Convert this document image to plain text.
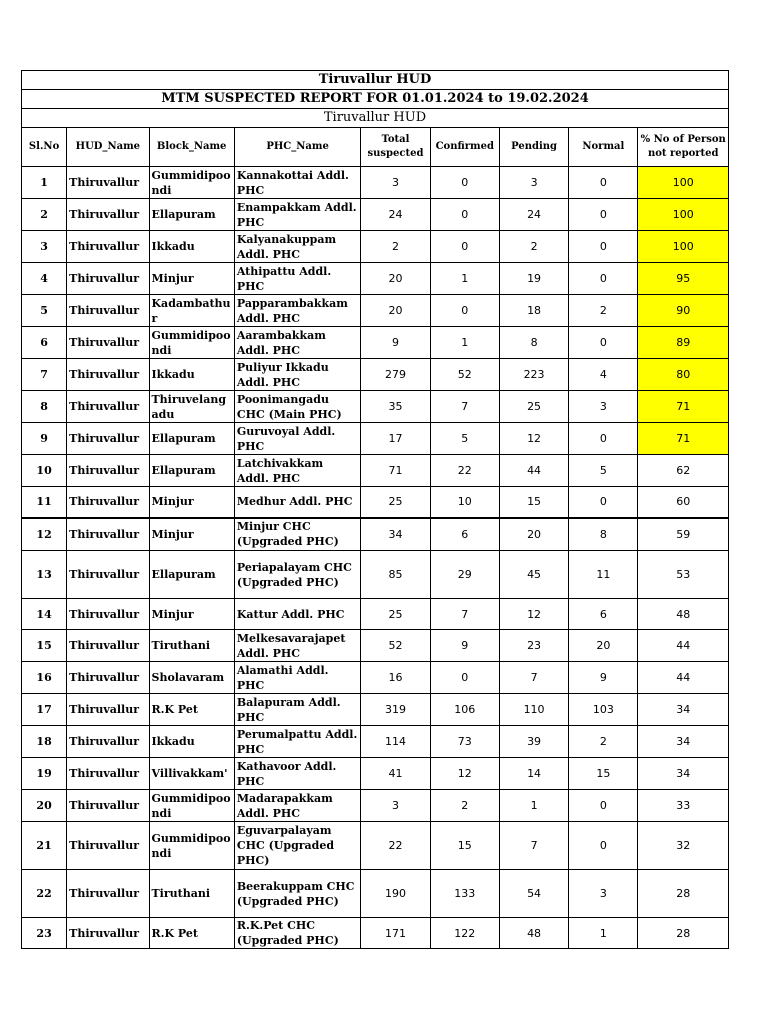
Tiruvallur HUD								
MTM SUSPECTED REPORT FOR 01.01.2024 to 19.02.2024								
Tiruvallur HUD								
Sl.No	HUD_Name	Block_Name	PHC_Name	Total suspected	Confirmed	Pending	Normal	% No of Person not reported
1	Thiruvallur	Gummidipoondi	Kannakottai Addl. PHC	3	0	3	0	100
2	Thiruvallur	Ellapuram	Enampakkam Addl. PHC	24	0	24	0	100
3	Thiruvallur	Ikkadu	Kalyanakuppam Addl. PHC	2	0	2	0	100
4	Thiruvallur	Minjur	Athipattu Addl. PHC	20	1	19	0	95
5	Thiruvallur	Kadambathur	Papparambakkam Addl. PHC	20	0	18	2	90
6	Thiruvallur	Gummidipoondi	Aarambakkam Addl. PHC	9	1	8	0	89
7	Thiruvallur	Ikkadu	Puliyur Ikkadu Addl. PHC	279	52	223	4	80
8	Thiruvallur	Thiruvelangadu	Poonimangadu CHC (Main PHC)	35	7	25	3	71
9	Thiruvallur	Ellapuram	Guruvoyal Addl. PHC	17	5	12	0	71
10	Thiruvallur	Ellapuram	Latchivakkam Addl. PHC	71	22	44	5	62
11	Thiruvallur	Minjur	Medhur Addl. PHC	25	10	15	0	60
12	Thiruvallur	Minjur	Minjur CHC (Upgraded PHC)	34	6	20	8	59
13	Thiruvallur	Ellapuram	Periapalayam CHC (Upgraded PHC)	85	29	45	11	53
14	Thiruvallur	Minjur	Kattur Addl. PHC	25	7	12	6	48
15	Thiruvallur	Tiruthani	Melkesavarajapet Addl. PHC	52	9	23	20	44
16	Thiruvallur	Sholavaram	Alamathi Addl. PHC	16	0	7	9	44
17	Thiruvallur	R.K Pet	Balapuram Addl. PHC	319	106	110	103	34
18	Thiruvallur	Ikkadu	Perumalpattu Addl. PHC	114	73	39	2	34
19	Thiruvallur	Villivakkam'	Kathavoor Addl. PHC	41	12	14	15	34
20	Thiruvallur	Gummidipoondi	Madarapakkam Addl. PHC	3	2	1	0	33
21	Thiruvallur	Gummidipoondi	Eguvarpalayam CHC (Upgraded PHC)	22	15	7	0	32
22	Thiruvallur	Tiruthani	Beerakuppam CHC (Upgraded PHC)	190	133	54	3	28
23	Thiruvallur	R.K Pet	R.K.Pet CHC (Upgraded PHC)	171	122	48	1	28
